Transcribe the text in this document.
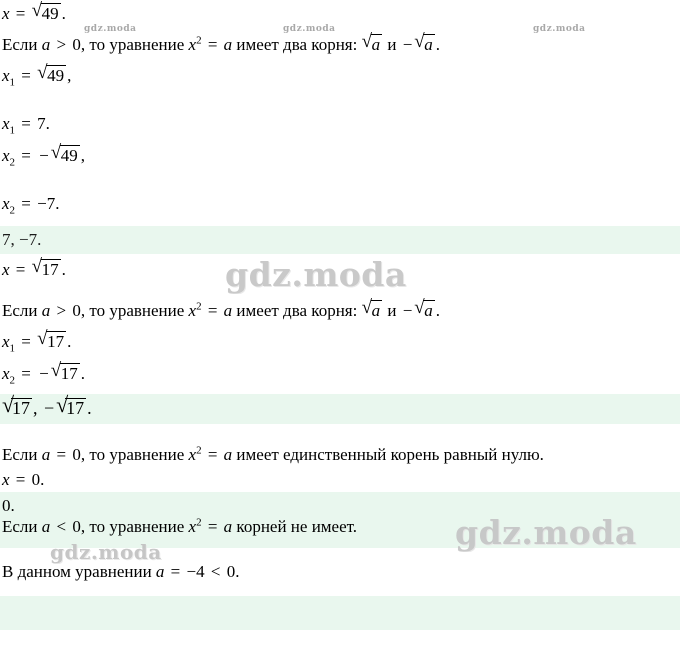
x = √ 49 .
Если a > 0, то уравнение $x^2 = a$ имеет два корня: √ a и − √ a .
$x_1$ = √ 49 ,
$x_1 = 7$.
$x_2$ = − √ 49 ,
$x_2 = -7$.
7, −7.
x = √ 17 .
Если a > 0, то уравнение $x^2 = a$ имеет два корня: √ a и − √ a .
$x_1$ = √ 17 .
$x_2$ = − √ 17 .
√
17 , − √
17 .
Если a = 0, то уравнение $x^2 = a$ имеет единственный корень равный нулю.
x = 0.
0.
Если a < 0, то уравнение $x^2 = a$ корней не имеет.
В данном уравнении a = −4 < 0.
gdz.moda	gdz.moda	gdz.moda
gdz.moda
gdz.moda
gdz.moda
